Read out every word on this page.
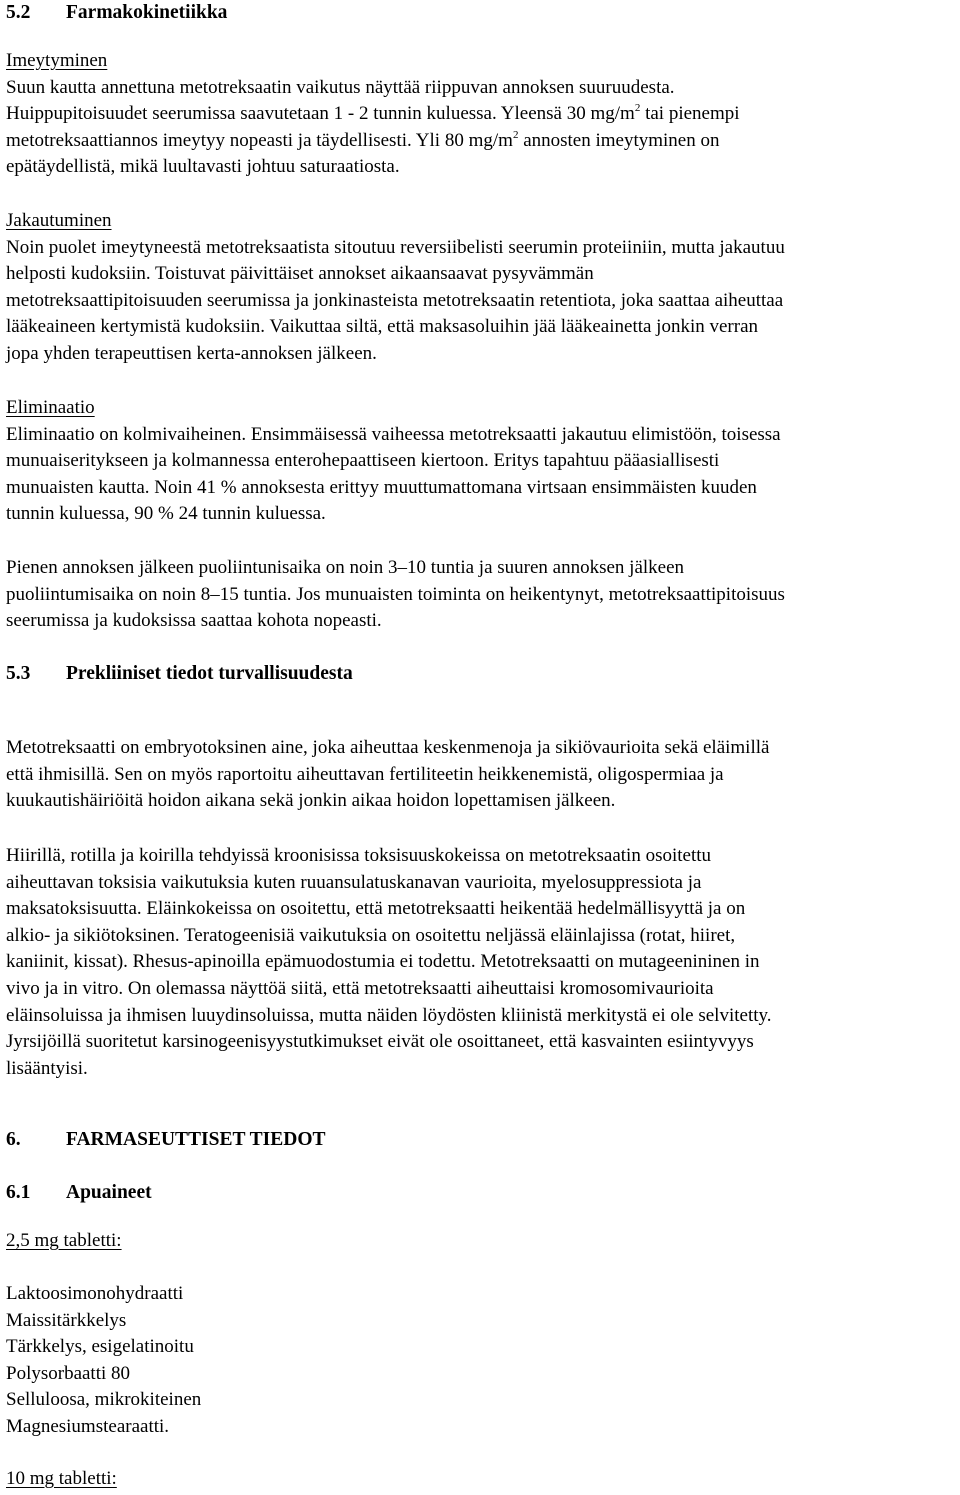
5.2 Farmakokinetiikka
Imeytyminen
Suun kautta annettuna metotreksaatin vaikutus näyttää riippuvan annoksen suuruudesta.
Huippupitoisuudet seerumissa saavutetaan 1 - 2 tunnin kuluessa. Yleensä 30 $mg/m^2$ tai pienempi
metotreksaattiannos imeytyy nopeasti ja täydellisesti. Yli 80 $mg/m^2$ annosten imeytyminen on
epätäydellistä, mikä luultavasti johtuu saturaatiosta.
Jakautuminen
Noin puolet imeytyneestä metotreksaatista sitoutuu reversiibelisti seerumin proteiiniin, mutta jakautuu
helposti kudoksiin. Toistuvat päivittäiset annokset aikaansaavat pysyvämmän
metotreksaattipitoisuuden seerumissa ja jonkinasteista metotreksaatin retentiota, joka saattaa aiheuttaa
lääkeaineen kertymistä kudoksiin. Vaikuttaa siltä, että maksasoluihin jää lääkeainetta jonkin verran
jopa yhden terapeuttisen kerta-annoksen jälkeen.
Eliminaatio
Eliminaatio on kolmivaiheinen. Ensimmäisessä vaiheessa metotreksaatti jakautuu elimistöön, toisessa
munuaiseritykseen ja kolmannessa enterohepaattiseen kiertoon. Eritys tapahtuu pääasiallisesti
munuaisten kautta. Noin 41 % annoksesta erittyy muuttumattomana virtsaan ensimmäisten kuuden
tunnin kuluessa, 90 % 24 tunnin kuluessa.
Pienen annoksen jälkeen puoliintunisaika on noin 3–10 tuntia ja suuren annoksen jälkeen
puoliintumisaika on noin 8–15 tuntia. Jos munuaisten toiminta on heikentynyt, metotreksaattipitoisuus
seerumissa ja kudoksissa saattaa kohota nopeasti.
5.3 Prekliiniset tiedot turvallisuudesta
Metotreksaatti on embryotoksinen aine, joka aiheuttaa keskenmenoja ja sikiövaurioita sekä eläimillä
että ihmisillä. Sen on myös raportoitu aiheuttavan fertiliteetin heikkenemistä, oligospermiaa ja
kuukautishäiriöitä hoidon aikana sekä jonkin aikaa hoidon lopettamisen jälkeen.
Hiirillä, rotilla ja koirilla tehdyissä kroonisissa toksisuuskokeissa on metotreksaatin osoitettu
aiheuttavan toksisia vaikutuksia kuten ruuansulatuskanavan vaurioita, myelosuppressiota ja
maksatoksisuutta. Eläinkokeissa on osoitettu, että metotreksaatti heikentää hedelmällisyyttä ja on
alkio- ja sikiötoksinen. Teratogeenisiä vaikutuksia on osoitettu neljässä eläinlajissa (rotat, hiiret,
kaniinit, kissat). Rhesus-apinoilla epämuodostumia ei todettu. Metotreksaatti on mutageenininen in
vivo ja in vitro. On olemassa näyttöä siitä, että metotreksaatti aiheuttaisi kromosomivaurioita
eläinsoluissa ja ihmisen luuydinsoluissa, mutta näiden löydösten kliinistä merkitystä ei ole selvitetty.
Jyrsijöillä suoritetut karsinogeenisyystutkimukset eivät ole osoittaneet, että kasvainten esiintyvyys
lisääntyisi.
6. FARMASEUTTISET TIEDOT
6.1 Apuaineet
2,5 mg tabletti:
Laktoosimonohydraatti
Maissitärkkelys
Tärkkelys, esigelatinoitu
Polysorbaatti 80
Selluloosa, mikrokiteinen
Magnesiumstearaatti.
10 mg tabletti:
